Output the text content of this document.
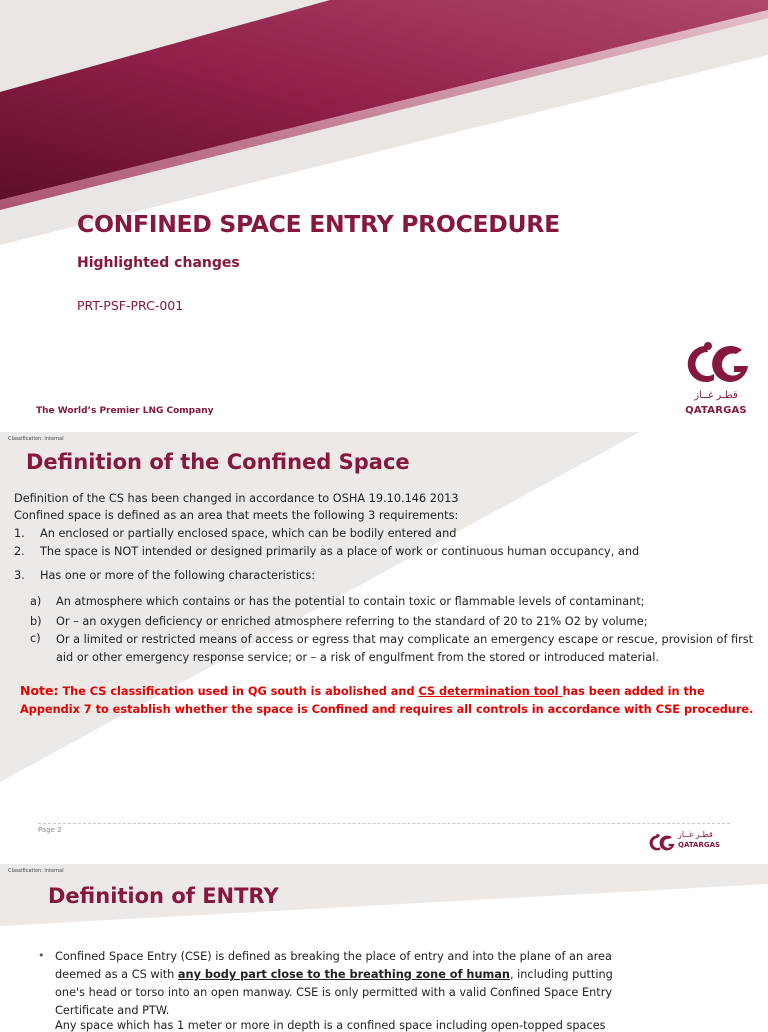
CONFINED SPACE ENTRY PROCEDURE
Highlighted changes
PRT-PSF-PRC-001
The World’s Premier LNG Company
قطـر غــاز
QATARGAS
Classification: Internal
Definition of the Confined Space
Definition of the CS has been changed in accordance to OSHA 19.10.146 2013
Confined space is defined as an area that meets the following 3 requirements:
1. An enclosed or partially enclosed space, which can be bodily entered and
2. The space is NOT intended or designed primarily as a place of work or continuous human occupancy, and
3. Has one or more of the following characteristics:
a) An atmosphere which contains or has the potential to contain toxic or flammable levels of contaminant;
b) Or – an oxygen deficiency or enriched atmosphere referring to the standard of 20 to 21% O2 by volume;
c) Or a limited or restricted means of access or egress that may complicate an emergency escape or rescue, provision of first aid or other emergency response service; or – a risk of engulfment from the stored or introduced material.
Note: The CS classification used in QG south is abolished and CS determination tool has been added in the Appendix 7 to establish whether the space is Confined and requires all controls in accordance with CSE procedure.
Page 2	قطـر غــاز
QATARGAS
Classification: Internal
Definition of ENTRY
• Confined Space Entry (CSE) is defined as breaking the place of entry and into the plane of an area deemed as a CS with any body part close to the breathing zone of human, including putting one's head or torso into an open manway. CSE is only permitted with a valid Confined Space Entry Certificate and PTW.
Any space which has 1 meter or more in depth is a confined space including open-topped spaces
